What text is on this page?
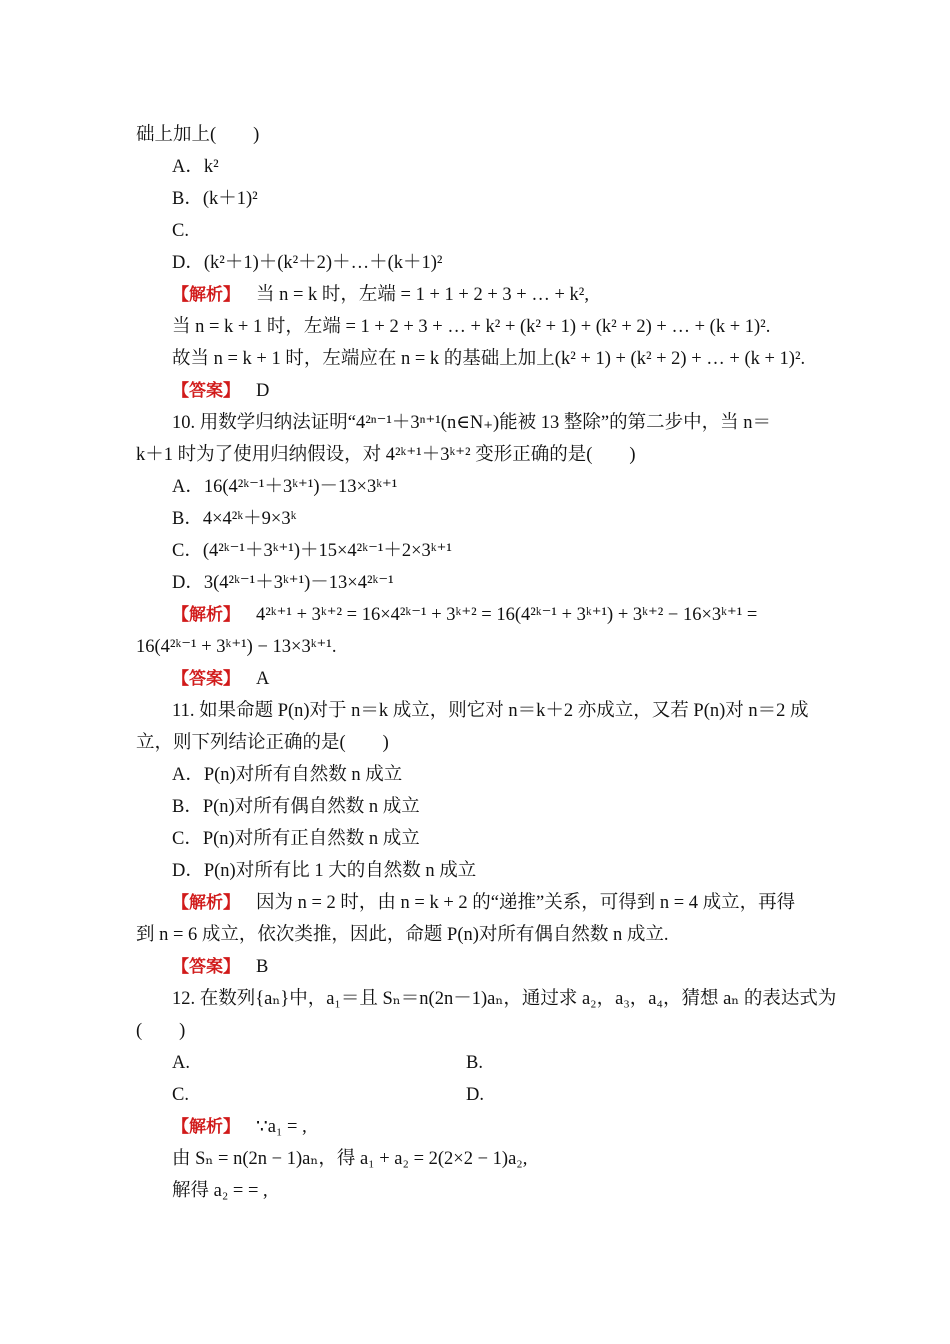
础上加上(　　)
A．k²
B．(k＋1)²
C.
D．(k²＋1)＋(k²＋2)＋…＋(k＋1)²
【解析】 当 n = k 时，左端 = 1 + 1 + 2 + 3 + … + k²,
当 n = k + 1 时，左端 = 1 + 2 + 3 + … + k² + (k² + 1) + (k² + 2) + … + (k + 1)².
故当 n = k + 1 时，左端应在 n = k 的基础上加上(k² + 1) + (k² + 2) + … + (k + 1)².
【答案】 D
10. 用数学归纳法证明“4²ⁿ⁻¹＋3ⁿ⁺¹(n∈N₊)能被 13 整除”的第二步中，当 n＝
k＋1 时为了使用归纳假设，对 4²ᵏ⁺¹＋3ᵏ⁺² 变形正确的是(　　)
A．16(4²ᵏ⁻¹＋3ᵏ⁺¹)－13×3ᵏ⁺¹
B．4×4²ᵏ＋9×3ᵏ
C．(4²ᵏ⁻¹＋3ᵏ⁺¹)＋15×4²ᵏ⁻¹＋2×3ᵏ⁺¹
D．3(4²ᵏ⁻¹＋3ᵏ⁺¹)－13×4²ᵏ⁻¹
【解析】 4²ᵏ⁺¹ + 3ᵏ⁺² = 16×4²ᵏ⁻¹ + 3ᵏ⁺² = 16(4²ᵏ⁻¹ + 3ᵏ⁺¹) + 3ᵏ⁺² − 16×3ᵏ⁺¹ =
16(4²ᵏ⁻¹ + 3ᵏ⁺¹) − 13×3ᵏ⁺¹.
【答案】 A
11. 如果命题 P(n)对于 n＝k 成立，则它对 n＝k＋2 亦成立，又若 P(n)对 n＝2 成
立，则下列结论正确的是(　　)
A．P(n)对所有自然数 n 成立
B．P(n)对所有偶自然数 n 成立
C．P(n)对所有正自然数 n 成立
D．P(n)对所有比 1 大的自然数 n 成立
【解析】 因为 n = 2 时，由 n = k + 2 的“递推”关系，可得到 n = 4 成立，再得
到 n = 6 成立，依次类推，因此，命题 P(n)对所有偶自然数 n 成立.
【答案】 B
12. 在数列{aₙ}中，a₁＝且 Sₙ＝n(2n－1)aₙ，通过求 a₂，a₃，a₄，猜想 aₙ 的表达式为
(　　)
A.	B.
C.	D.
【解析】 ∵a₁ = ,
由 Sₙ = n(2n − 1)aₙ，得 a₁ + a₂ = 2(2×2 − 1)a₂,
解得 a₂ = = ,
